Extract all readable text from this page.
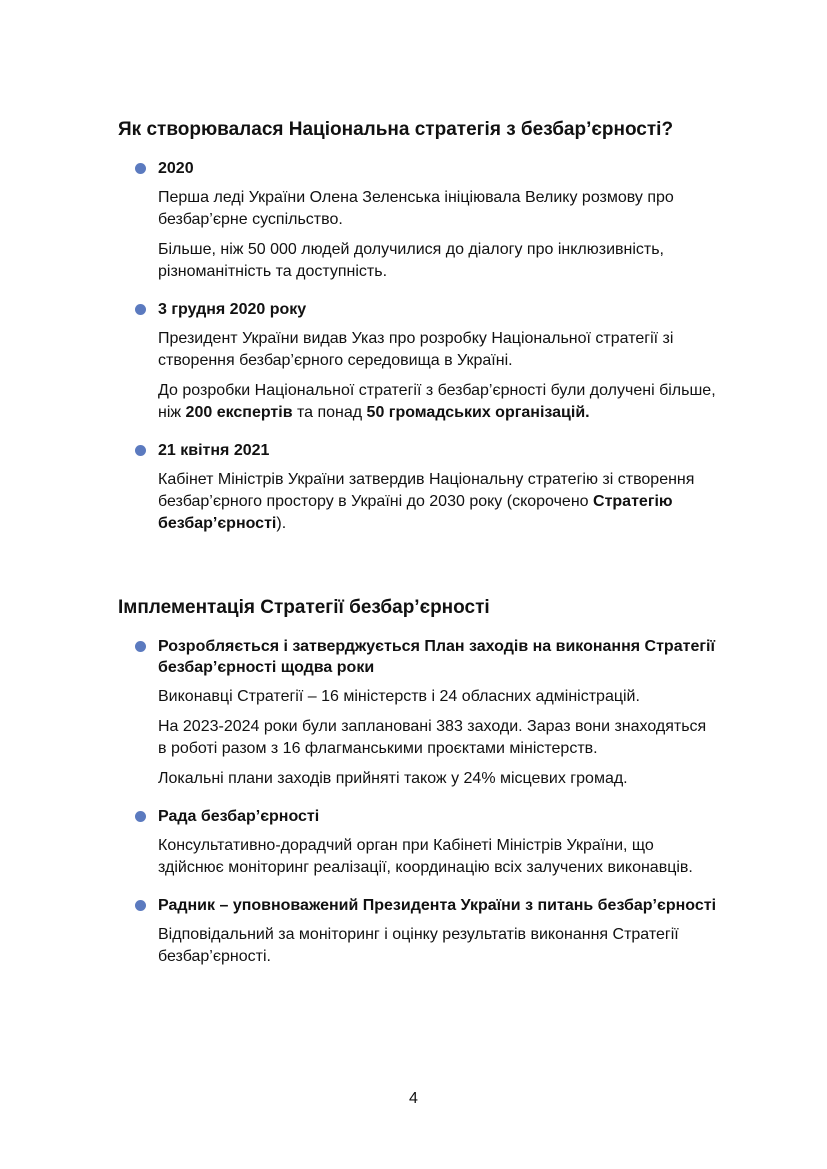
Як створювалася Національна стратегія з безбар’єрності?

2020

Перша леді України Олена Зеленська ініціювала Велику розмову про безбар’єрне суспільство.

Більше, ніж 50 000 людей долучилися до діалогу про інклюзивність, різноманітність та доступність.

3 грудня 2020 року

Президент України видав Указ про розробку Національної стратегії зі створення безбар’єрного середовища в Україні.

До розробки Національної стратегії з безбар’єрності були долучені більше, ніж 200 експертів та понад 50 громадських організацій.

21 квітня 2021

Кабінет Міністрів України затвердив Національну стратегію зі створення безбар’єрного простору в Україні до 2030 року (скорочено Стратегію безбар’єрності).

Імплементація Стратегії безбар’єрності

Розробляється і затверджується План заходів на виконання Стратегії безбар’єрності щодва роки

Виконавці Стратегії – 16 міністерств і 24 обласних адміністрацій.

На 2023-2024 роки були заплановані 383 заходи. Зараз вони знаходяться в роботі разом з 16 флагманськими проєктами міністерств.

Локальні плани заходів прийняті також у 24% місцевих громад.

Рада безбар’єрності

Консультативно-дорадчий орган при Кабінеті Міністрів України, що здійснює моніторинг реалізації, координацію всіх залучених виконавців.

Радник – уповноважений Президента України з питань безбар’єрності

Відповідальний за моніторинг і оцінку результатів виконання Стратегії безбар’єрності.

4
